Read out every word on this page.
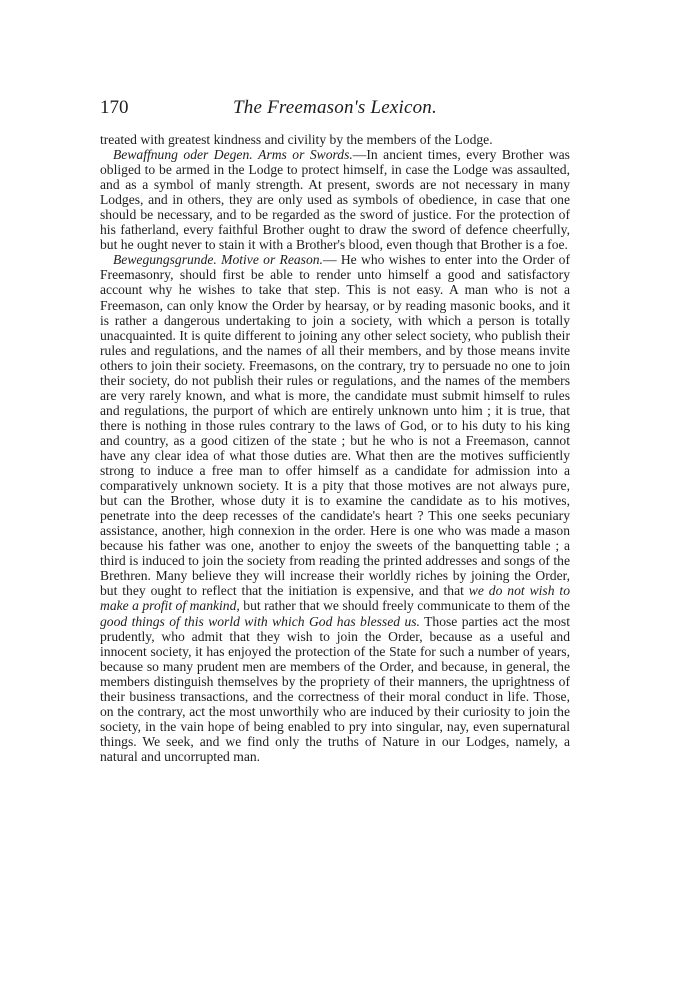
170	The Freemason's Lexicon.

treated with greatest kindness and civility by the members of the Lodge.

Bewaffnung oder Degen. Arms or Swords.—In ancient times, every Brother was obliged to be armed in the Lodge to protect himself, in case the Lodge was assaulted, and as a symbol of manly strength. At present, swords are not necessary in many Lodges, and in others, they are only used as symbols of obedience, in case that one should be necessary, and to be regarded as the sword of justice. For the protection of his fatherland, every faithful Brother ought to draw the sword of defence cheerfully, but he ought never to stain it with a Brother's blood, even though that Brother is a foe.

Bewegungsgrunde. Motive or Reason.— He who wishes to enter into the Order of Freemasonry, should first be able to render unto himself a good and satisfactory account why he wishes to take that step. This is not easy. A man who is not a Freemason, can only know the Order by hearsay, or by reading masonic books, and it is rather a dangerous undertaking to join a society, with which a person is totally unacquainted. It is quite different to joining any other select society, who publish their rules and regulations, and the names of all their members, and by those means invite others to join their society. Freemasons, on the contrary, try to persuade no one to join their society, do not publish their rules or regulations, and the names of the members are very rarely known, and what is more, the candidate must submit himself to rules and regulations, the purport of which are entirely unknown unto him ; it is true, that there is nothing in those rules contrary to the laws of God, or to his duty to his king and country, as a good citizen of the state ; but he who is not a Freemason, cannot have any clear idea of what those duties are. What then are the motives sufficiently strong to induce a free man to offer himself as a candidate for admission into a comparatively unknown society. It is a pity that those motives are not always pure, but can the Brother, whose duty it is to examine the candidate as to his motives, penetrate into the deep recesses of the candidate's heart ? This one seeks pecuniary assistance, another, high connexion in the order. Here is one who was made a mason because his father was one, another to enjoy the sweets of the banquetting table ; a third is induced to join the society from reading the printed addresses and songs of the Brethren. Many believe they will increase their worldly riches by joining the Order, but they ought to reflect that the initiation is expensive, and that we do not wish to make a profit of mankind, but rather that we should freely communicate to them of the good things of this world with which God has blessed us. Those parties act the most prudently, who admit that they wish to join the Order, because as a useful and innocent society, it has enjoyed the protection of the State for such a number of years, because so many prudent men are members of the Order, and because, in general, the members distinguish themselves by the propriety of their manners, the uprightness of their business transactions, and the correctness of their moral conduct in life. Those, on the contrary, act the most unworthily who are induced by their curiosity to join the society, in the vain hope of being enabled to pry into singular, nay, even supernatural things. We seek, and we find only the truths of Nature in our Lodges, namely, a natural and uncorrupted man.
